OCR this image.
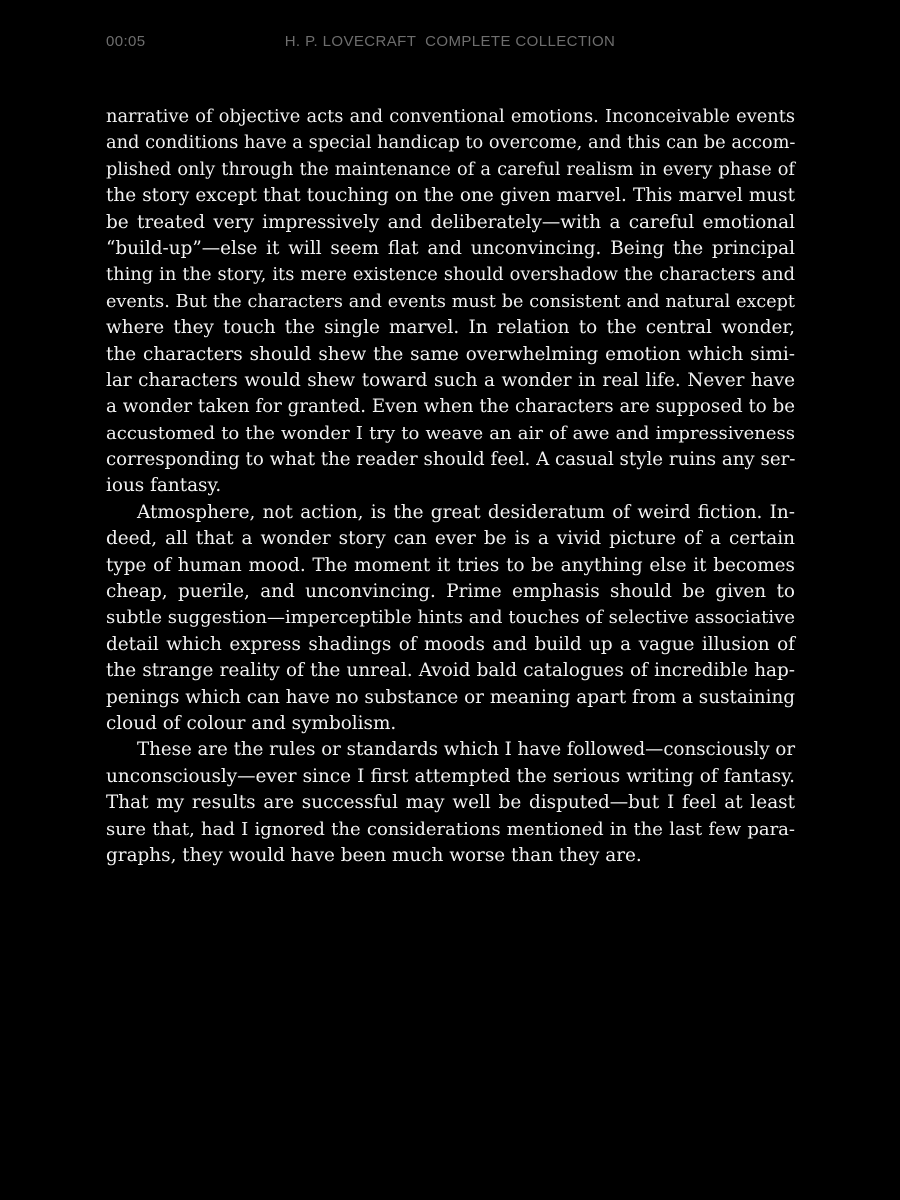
00:05	H. P. LOVECRAFT  COMPLETE COLLECTION
narrative of objective acts and conventional emotions. Inconceivable events
and conditions have a special handicap to overcome, and this can be accom-
plished only through the maintenance of a careful realism in every phase of
the story except that touching on the one given marvel. This marvel must
be treated very impressively and deliberately—with a careful emotional
“build-up”—else it will seem flat and unconvincing. Being the principal
thing in the story, its mere existence should overshadow the characters and
events. But the characters and events must be consistent and natural except
where they touch the single marvel. In relation to the central wonder,
the characters should shew the same overwhelming emotion which simi-
lar characters would shew toward such a wonder in real life. Never have
a wonder taken for granted. Even when the characters are supposed to be
accustomed to the wonder I try to weave an air of awe and impressiveness
corresponding to what the reader should feel. A casual style ruins any ser-
ious fantasy.
Atmosphere, not action, is the great desideratum of weird fiction. In-
deed, all that a wonder story can ever be is a vivid picture of a certain
type of human mood. The moment it tries to be anything else it becomes
cheap, puerile, and unconvincing. Prime emphasis should be given to
subtle suggestion—imperceptible hints and touches of selective associative
detail which express shadings of moods and build up a vague illusion of
the strange reality of the unreal. Avoid bald catalogues of incredible hap-
penings which can have no substance or meaning apart from a sustaining
cloud of colour and symbolism.
These are the rules or standards which I have followed—consciously or
unconsciously—ever since I first attempted the serious writing of fantasy.
That my results are successful may well be disputed—but I feel at least
sure that, had I ignored the considerations mentioned in the last few para-
graphs, they would have been much worse than they are.
